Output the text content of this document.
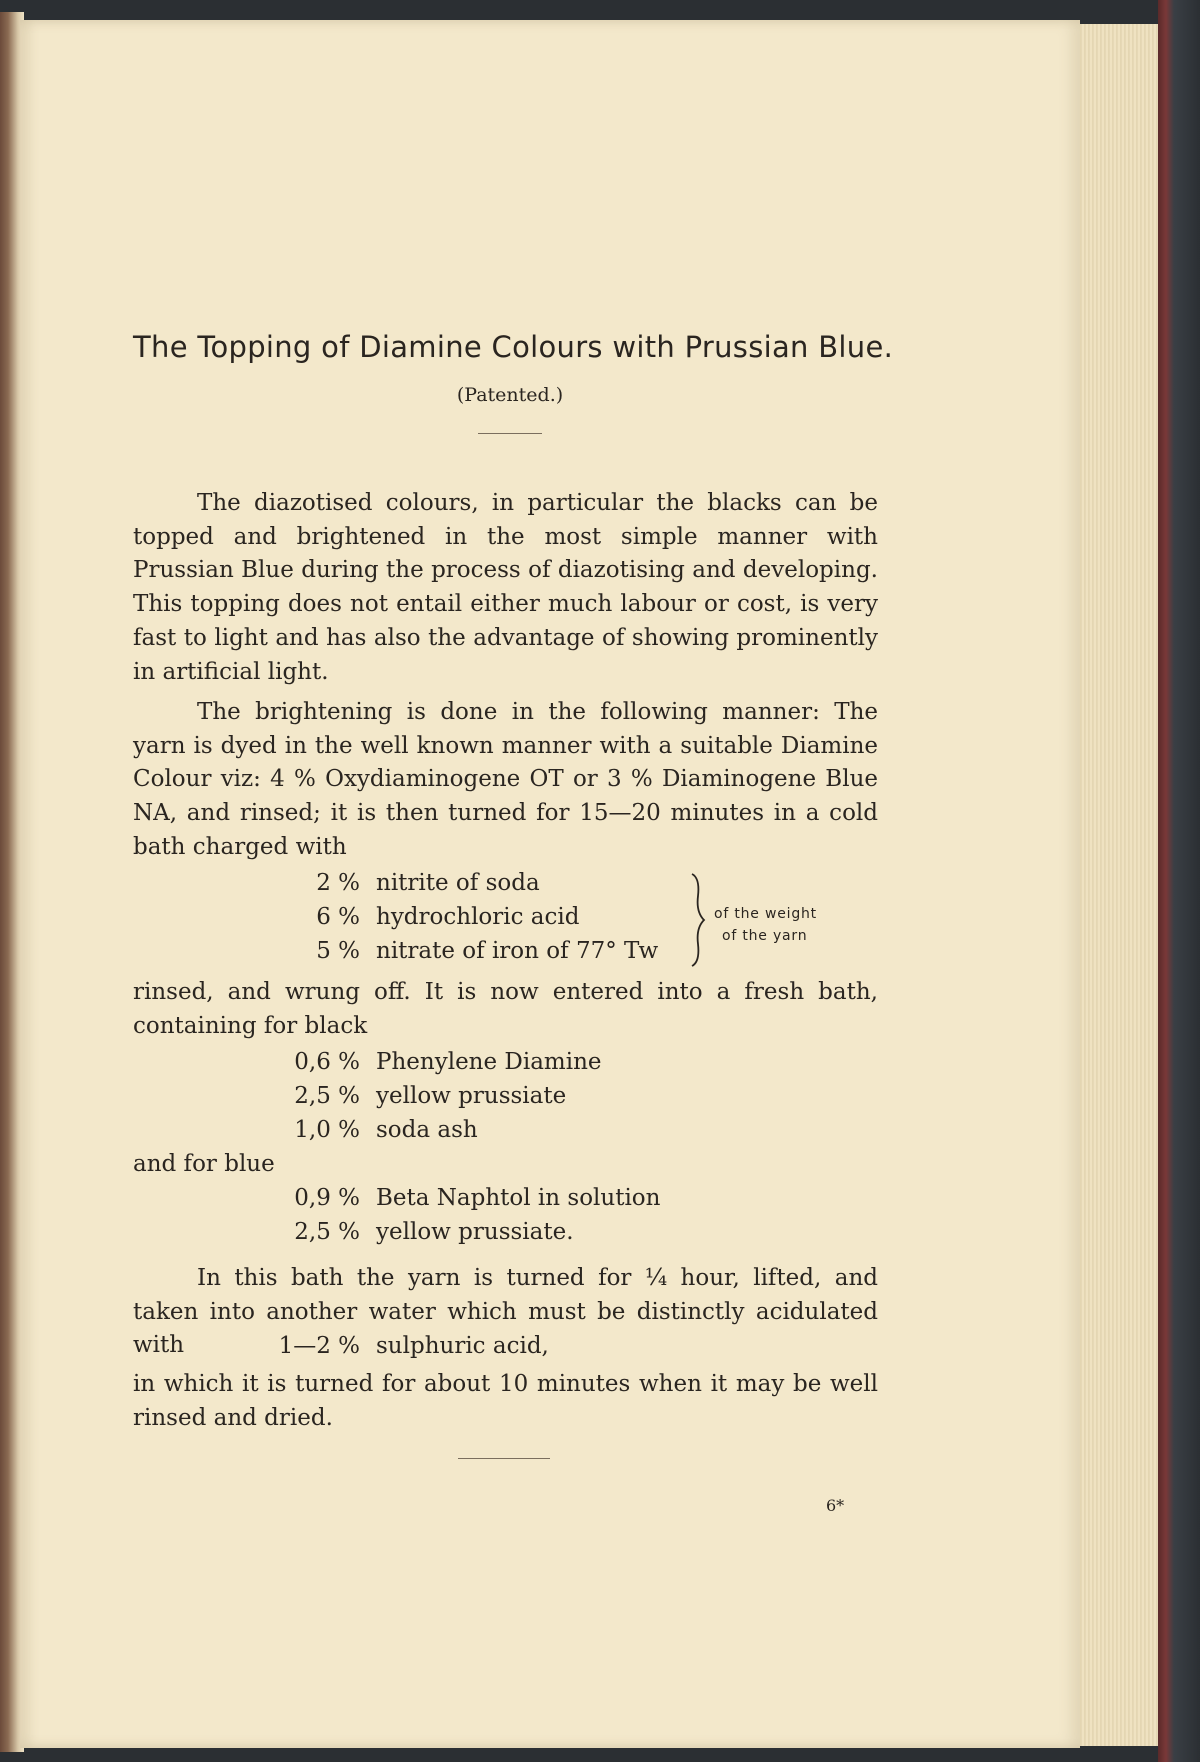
The Topping of Diamine Colours with Prussian Blue.
(Patented.)

The diazotised colours, in particular the blacks can be topped and brightened in the most simple manner with Prussian Blue during the process of diazotising and developing. This topping does not entail either much labour or cost, is very fast to light and has also the advantage of showing prominently in artificial light.

The brightening is done in the following manner: The yarn is dyed in the well known manner with a suitable Diamine Colour viz: 4 % Oxydiaminogene OT or 3 % Diaminogene Blue NA, and rinsed; it is then turned for 15—20 minutes in a cold bath charged with

2 % nitrite of soda
6 % hydrochloric acid
5 % nitrate of iron of 77° Tw
of the weight
of the yarn

rinsed, and wrung off. It is now entered into a fresh bath, containing for black

0,6 % Phenylene Diamine
2,5 % yellow prussiate
1,0 % soda ash
and for blue
0,9 % Beta Naphtol in solution
2,5 % yellow prussiate.

In this bath the yarn is turned for ¼ hour, lifted, and taken into another water which must be distinctly acidulated with	1—2 % sulphuric acid,

in which it is turned for about 10 minutes when it may be well rinsed and dried.

6*
